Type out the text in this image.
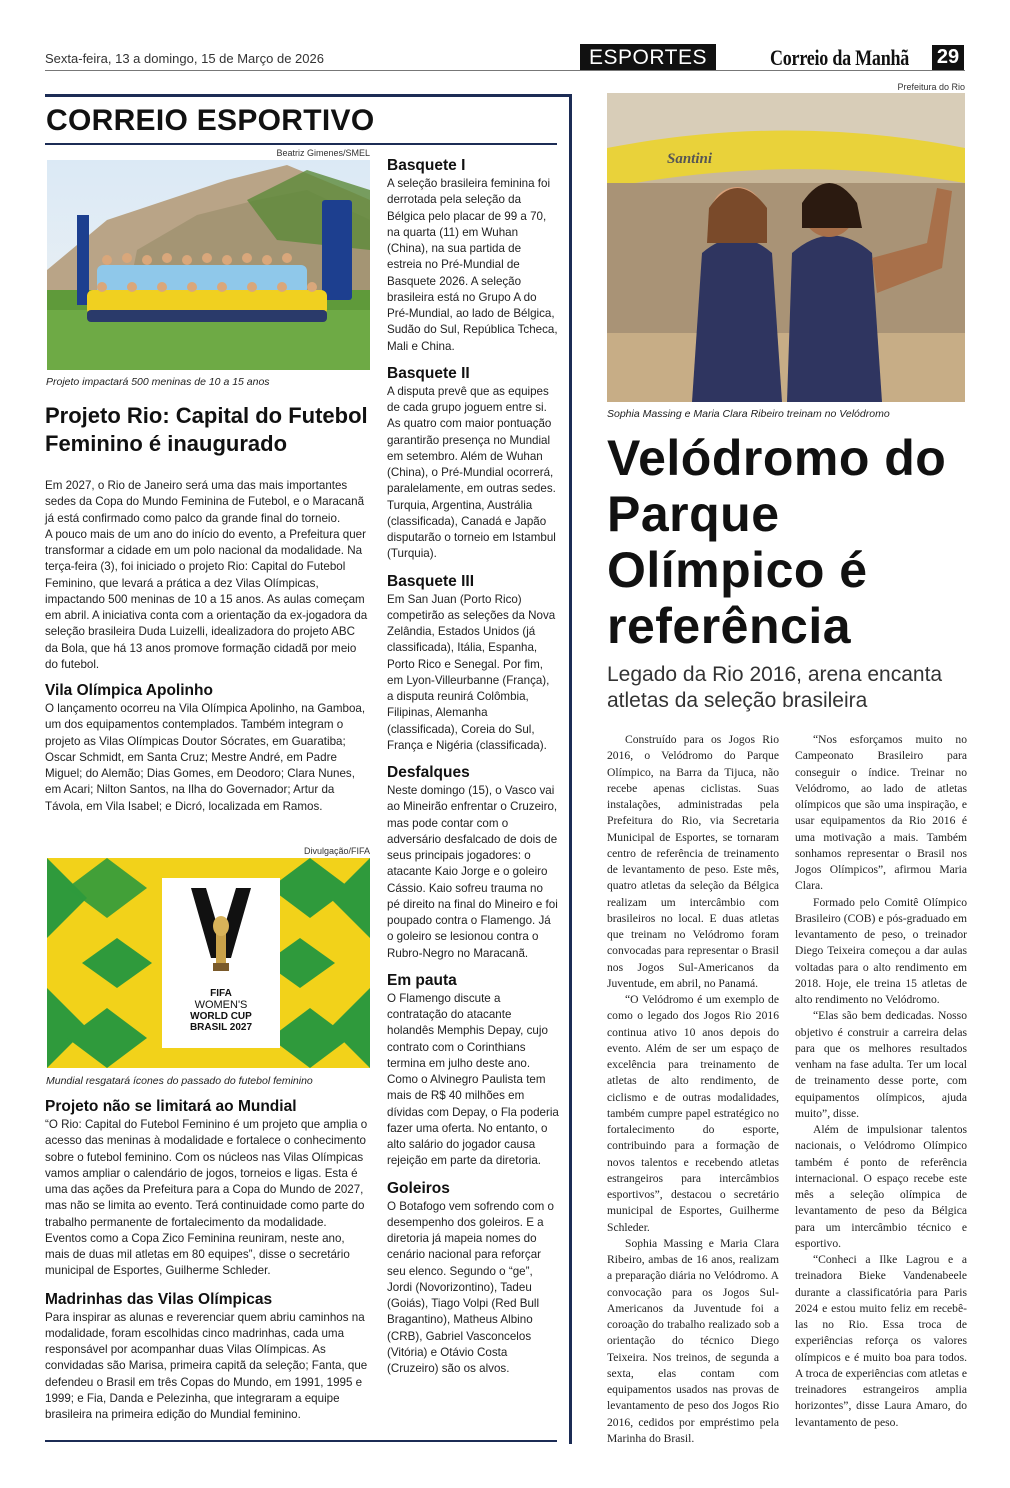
Sexta-feira, 13 a domingo, 15 de Março de 2026	ESPORTES	Correio da Manhã 29
CORREIO ESPORTIVO
Beatriz Gimenes/SMEL
Projeto impactará 500 meninas de 10 a 15 anos
Projeto Rio: Capital do Futebol Feminino é inaugurado

Em 2027, o Rio de Janeiro será uma das mais importantes sedes da Copa do Mundo Feminina de Futebol, e o Maracanã já está confirmado como palco da grande final do torneio.

A pouco mais de um ano do início do evento, a Prefeitura quer transformar a cidade em um polo nacional da modalidade. Na terça-feira (3), foi iniciado o projeto Rio: Capital do Futebol Feminino, que levará a prática a dez Vilas Olímpicas, impactando 500 meninas de 10 a 15 anos. As aulas começam em abril. A iniciativa conta com a orientação da ex-jogadora da seleção brasileira Duda Luizelli, idealizadora do projeto ABC da Bola, que há 13 anos promove formação cidadã por meio do futebol.

Vila Olímpica Apolinho

O lançamento ocorreu na Vila Olímpica Apolinho, na Gamboa, um dos equipamentos contemplados. Também integram o projeto as Vilas Olímpicas Doutor Sócrates, em Guaratiba; Oscar Schmidt, em Santa Cruz; Mestre André, em Padre Miguel; do Alemão; Dias Gomes, em Deodoro; Clara Nunes, em Acari; Nilton Santos, na Ilha do Governador; Artur da Távola, em Vila Isabel; e Dicró, localizada em Ramos.

Divulgação/FIFA
FIFA
WOMEN'S
WORLD CUP
BRASIL 2027
Mundial resgatará ícones do passado do futebol feminino
Projeto não se limitará ao Mundial

“O Rio: Capital do Futebol Feminino é um projeto que amplia o acesso das meninas à modalidade e fortalece o conhecimento sobre o futebol feminino. Com os núcleos nas Vilas Olímpicas vamos ampliar o calendário de jogos, torneios e ligas. Esta é uma das ações da Prefeitura para a Copa do Mundo de 2027, mas não se limita ao evento. Terá continuidade como parte do trabalho permanente de fortalecimento da modalidade. Eventos como a Copa Zico Feminina reuniram, neste ano, mais de duas mil atletas em 80 equipes”, disse o secretário municipal de Esportes, Guilherme Schleder.

Madrinhas das Vilas Olímpicas

Para inspirar as alunas e reverenciar quem abriu caminhos na modalidade, foram escolhidas cinco madrinhas, cada uma responsável por acompanhar duas Vilas Olímpicas. As convidadas são Marisa, primeira capitã da seleção; Fanta, que defendeu o Brasil em três Copas do Mundo, em 1991, 1995 e 1999; e Fia, Danda e Pelezinha, que integraram a equipe brasileira na primeira edição do Mundial feminino.

Basquete I

A seleção brasileira feminina foi derrotada pela seleção da Bélgica pelo placar de 99 a 70, na quarta (11) em Wuhan (China), na sua partida de estreia no Pré-Mundial de Basquete 2026. A seleção brasileira está no Grupo A do Pré-Mundial, ao lado de Bélgica, Sudão do Sul, República Tcheca, Mali e China.

Basquete II

A disputa prevê que as equipes de cada grupo joguem entre si. As quatro com maior pontuação garantirão presença no Mundial em setembro. Além de Wuhan (China), o Pré-Mundial ocorrerá, paralelamente, em outras sedes. Turquia, Argentina, Austrália (classificada), Canadá e Japão disputarão o torneio em Istambul (Turquia).

Basquete III

Em San Juan (Porto Rico) competirão as seleções da Nova Zelândia, Estados Unidos (já classificada), Itália, Espanha, Porto Rico e Senegal. Por fim, em Lyon-Villeurbanne (França), a disputa reunirá Colômbia, Filipinas, Alemanha (classificada), Coreia do Sul, França e Nigéria (classificada).

Desfalques

Neste domingo (15), o Vasco vai ao Mineirão enfrentar o Cruzeiro, mas pode contar com o adversário desfalcado de dois de seus principais jogadores: o atacante Kaio Jorge e o goleiro Cássio. Kaio sofreu trauma no pé direito na final do Mineiro e foi poupado contra o Flamengo. Já o goleiro se lesionou contra o Rubro-Negro no Maracanã.

Em pauta

O Flamengo discute a contratação do atacante holandês Memphis Depay, cujo contrato com o Corinthians termina em julho deste ano. Como o Alvinegro Paulista tem mais de R$ 40 milhões em dívidas com Depay, o Fla poderia fazer uma oferta. No entanto, o alto salário do jogador causa rejeição em parte da diretoria.

Goleiros

O Botafogo vem sofrendo com o desempenho dos goleiros. E a diretoria já mapeia nomes do cenário nacional para reforçar seu elenco. Segundo o “ge”, Jordi (Novorizontino), Tadeu (Goiás), Tiago Volpi (Red Bull Bragantino), Matheus Albino (CRB), Gabriel Vasconcelos (Vitória) e Otávio Costa (Cruzeiro) são os alvos.

Prefeitura do Rio
Santini
Sophia Massing e Maria Clara Ribeiro treinam no Velódromo
Velódromo do Parque Olímpico é referência
Legado da Rio 2016, arena encanta atletas da seleção brasileira

Construído para os Jogos Rio 2016, o Velódromo do Parque Olímpico, na Barra da Tijuca, não recebe apenas ciclistas. Suas instalações, administradas pela Prefeitura do Rio, via Secretaria Municipal de Esportes, se tornaram centro de referência de treinamento de levantamento de peso. Este mês, quatro atletas da seleção da Bélgica realizam um intercâmbio com brasileiros no local. E duas atletas que treinam no Velódromo foram convocadas para representar o Brasil nos Jogos Sul-Americanos da Juventude, em abril, no Panamá.

“O Velódromo é um exemplo de como o legado dos Jogos Rio 2016 continua ativo 10 anos depois do evento. Além de ser um espaço de excelência para treinamento de atletas de alto rendimento, de ciclismo e de outras modalidades, também cumpre papel estratégico no fortalecimento do esporte, contribuindo para a formação de novos talentos e recebendo atletas estrangeiros para intercâmbios esportivos”, destacou o secretário municipal de Esportes, Guilherme Schleder.

Sophia Massing e Maria Clara Ribeiro, ambas de 16 anos, realizam a preparação diária no Velódromo. A convocação para os Jogos Sul-Americanos da Juventude foi a coroação do trabalho realizado sob a orientação do técnico Diego Teixeira. Nos treinos, de segunda a sexta, elas contam com equipamentos usados nas provas de levantamento de peso dos Jogos Rio 2016, cedidos por empréstimo pela Marinha do Brasil.

“Nos esforçamos muito no Campeonato Brasileiro para conseguir o índice. Treinar no Velódromo, ao lado de atletas olímpicos que são uma inspiração, e usar equipamentos da Rio 2016 é uma motivação a mais. Também sonhamos representar o Brasil nos Jogos Olímpicos”, afirmou Maria Clara.

Formado pelo Comitê Olímpico Brasileiro (COB) e pós-graduado em levantamento de peso, o treinador Diego Teixeira começou a dar aulas voltadas para o alto rendimento em 2018. Hoje, ele treina 15 atletas de alto rendimento no Velódromo.

“Elas são bem dedicadas. Nosso objetivo é construir a carreira delas para que os melhores resultados venham na fase adulta. Ter um local de treinamento desse porte, com equipamentos olímpicos, ajuda muito”, disse.

Além de impulsionar talentos nacionais, o Velódromo Olímpico também é ponto de referência internacional. O espaço recebe este mês a seleção olímpica de levantamento de peso da Bélgica para um intercâmbio técnico e esportivo.

“Conheci a Ilke Lagrou e a treinadora Bieke Vandenabeele durante a classificatória para Paris 2024 e estou muito feliz em recebê-las no Rio. Essa troca de experiências reforça os valores olímpicos e é muito boa para todos. A troca de experiências com atletas e treinadores estrangeiros amplia horizontes”, disse Laura Amaro, do levantamento de peso.
